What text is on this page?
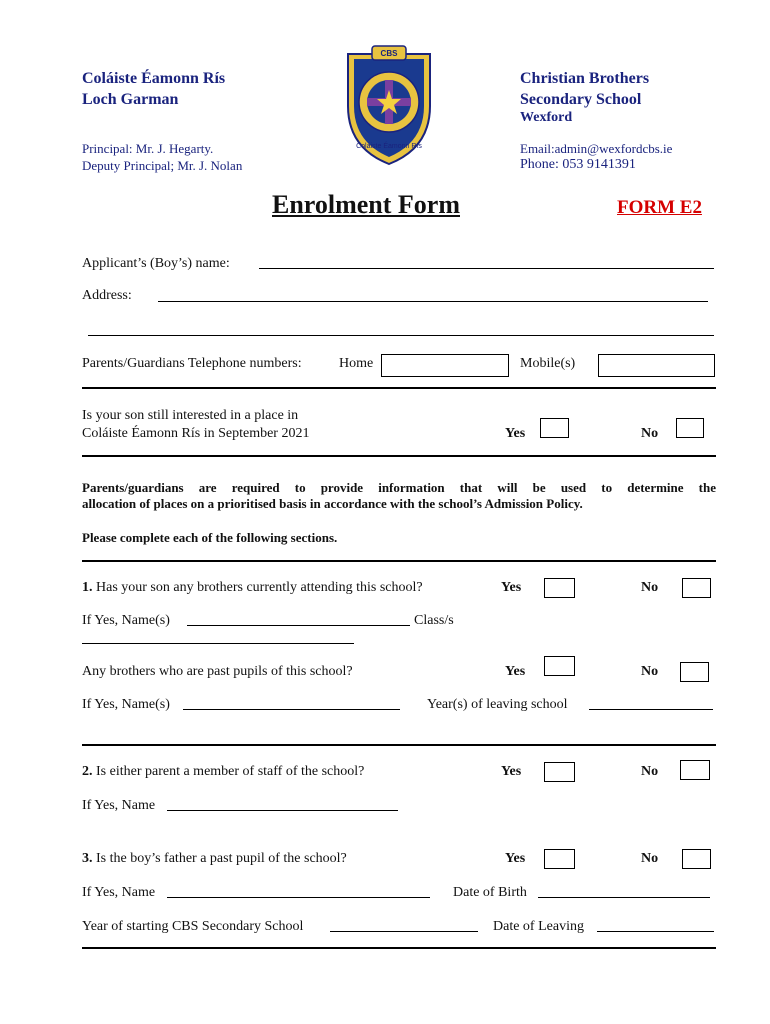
Coláiste Éamonn Rís
Loch Garman
Principal: Mr. J. Hegarty.
Deputy Principal; Mr. J. Nolan
Christian Brothers
Secondary School
Wexford
Email:admin@wexfordcbs.ie
Phone: 053 9141391
CBS
Coláiste Éamonn Rís
Enrolment Form	FORM E2
Applicant’s (Boy’s) name:
Address:
Parents/Guardians Telephone numbers:	Home	Mobile(s)
Is your son still interested in a place in
Coláiste Éamonn Rís in September 2021	Yes	No
Parents/guardians are required to provide information that will be used to determine the
allocation of places on a prioritised basis in accordance with the school’s Admission Policy.
Please complete each of the following sections.
1. Has your son any brothers currently attending this school?	Yes	No
If Yes, Name(s)	Class/s
Any brothers who are past pupils of this school?	Yes	No
If Yes, Name(s)	Year(s) of leaving school
2. Is either parent a member of staff of the school?	Yes	No
If Yes, Name
3. Is the boy’s father a past pupil of the school?	Yes	No
If Yes, Name	Date of Birth
Year of starting CBS Secondary School	Date of Leaving
